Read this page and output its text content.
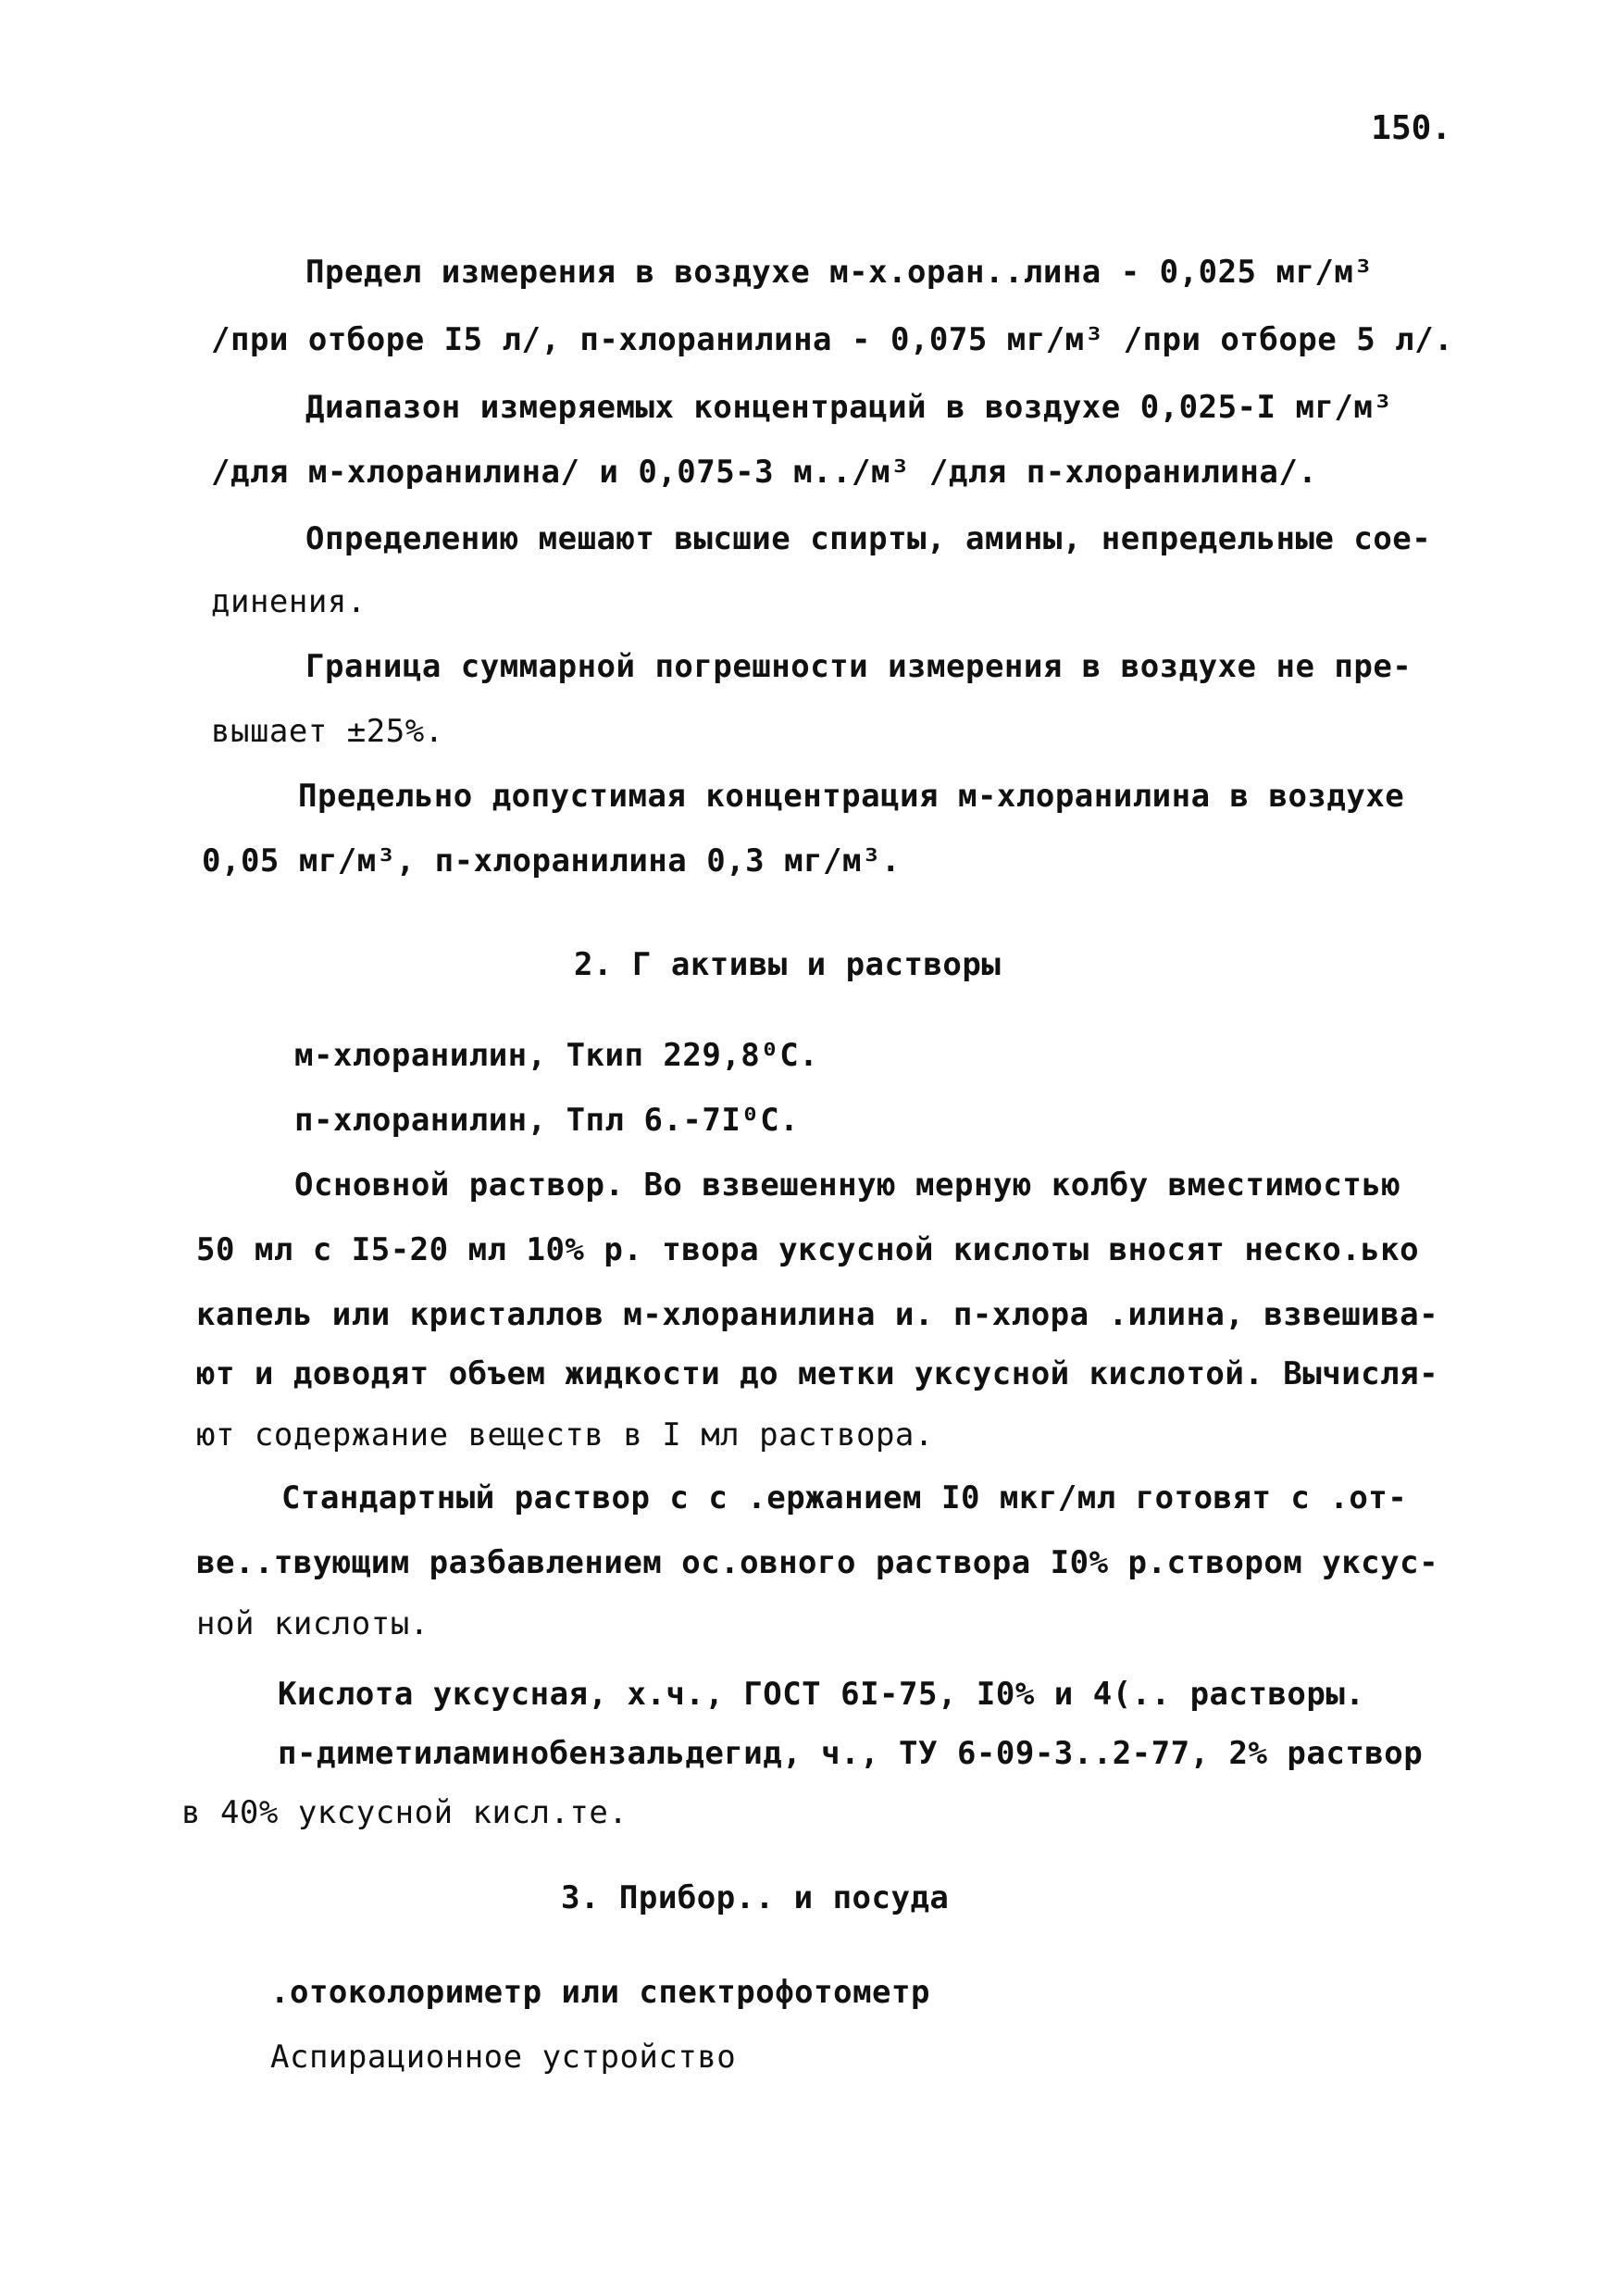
150.
Предел измерения в воздухе м-х.оран..лина - 0,025 мг/м³
/при отборе I5 л/, п-хлоранилина - 0,075 мг/м³ /при отборе 5 л/.
Диапазон измеряемых концентраций в воздухе 0,025-I мг/м³
/для м-хлоранилина/ и 0,075-3 м../м³ /для п-хлоранилина/.
Определению мешают высшие спирты, амины, непредельные сое-
динения.
Граница суммарной погрешности измерения в воздухе не пре-
вышает ±25%.
Предельно допустимая концентрация м-хлоранилина в воздухе
0,05 мг/м³, п-хлоранилина 0,3 мг/м³.
2. Г активы и растворы
м-хлоранилин, Tкип 229,8⁰С.
п-хлоранилин, Tпл 6.-7I⁰С.
Основной раствор. Во взвешенную мерную колбу вместимостью
50 мл с I5-20 мл 10% р. твора уксусной кислоты вносят неско.ько
капель или кристаллов м-хлоранилина и. п-хлора .илина, взвешива-
ют и доводят объем жидкости до метки уксусной кислотой. Вычисля-
ют содержание веществ в I мл раствора.
Стандартный раствор с с .ержанием I0 мкг/мл готовят с .от-
ве..твующим разбавлением ос.овного раствора I0% р.створом уксус-
ной кислоты.
Кислота уксусная, х.ч., ГОСТ 6I-75, I0% и 4(.. растворы.
п-диметиламинобензальдегид, ч., ТУ 6-09-3..2-77, 2% раствор
в 40% уксусной кисл.те.
3. Прибор.. и посуда
.отоколориметр или спектрофотометр
Аспирационное устройство
